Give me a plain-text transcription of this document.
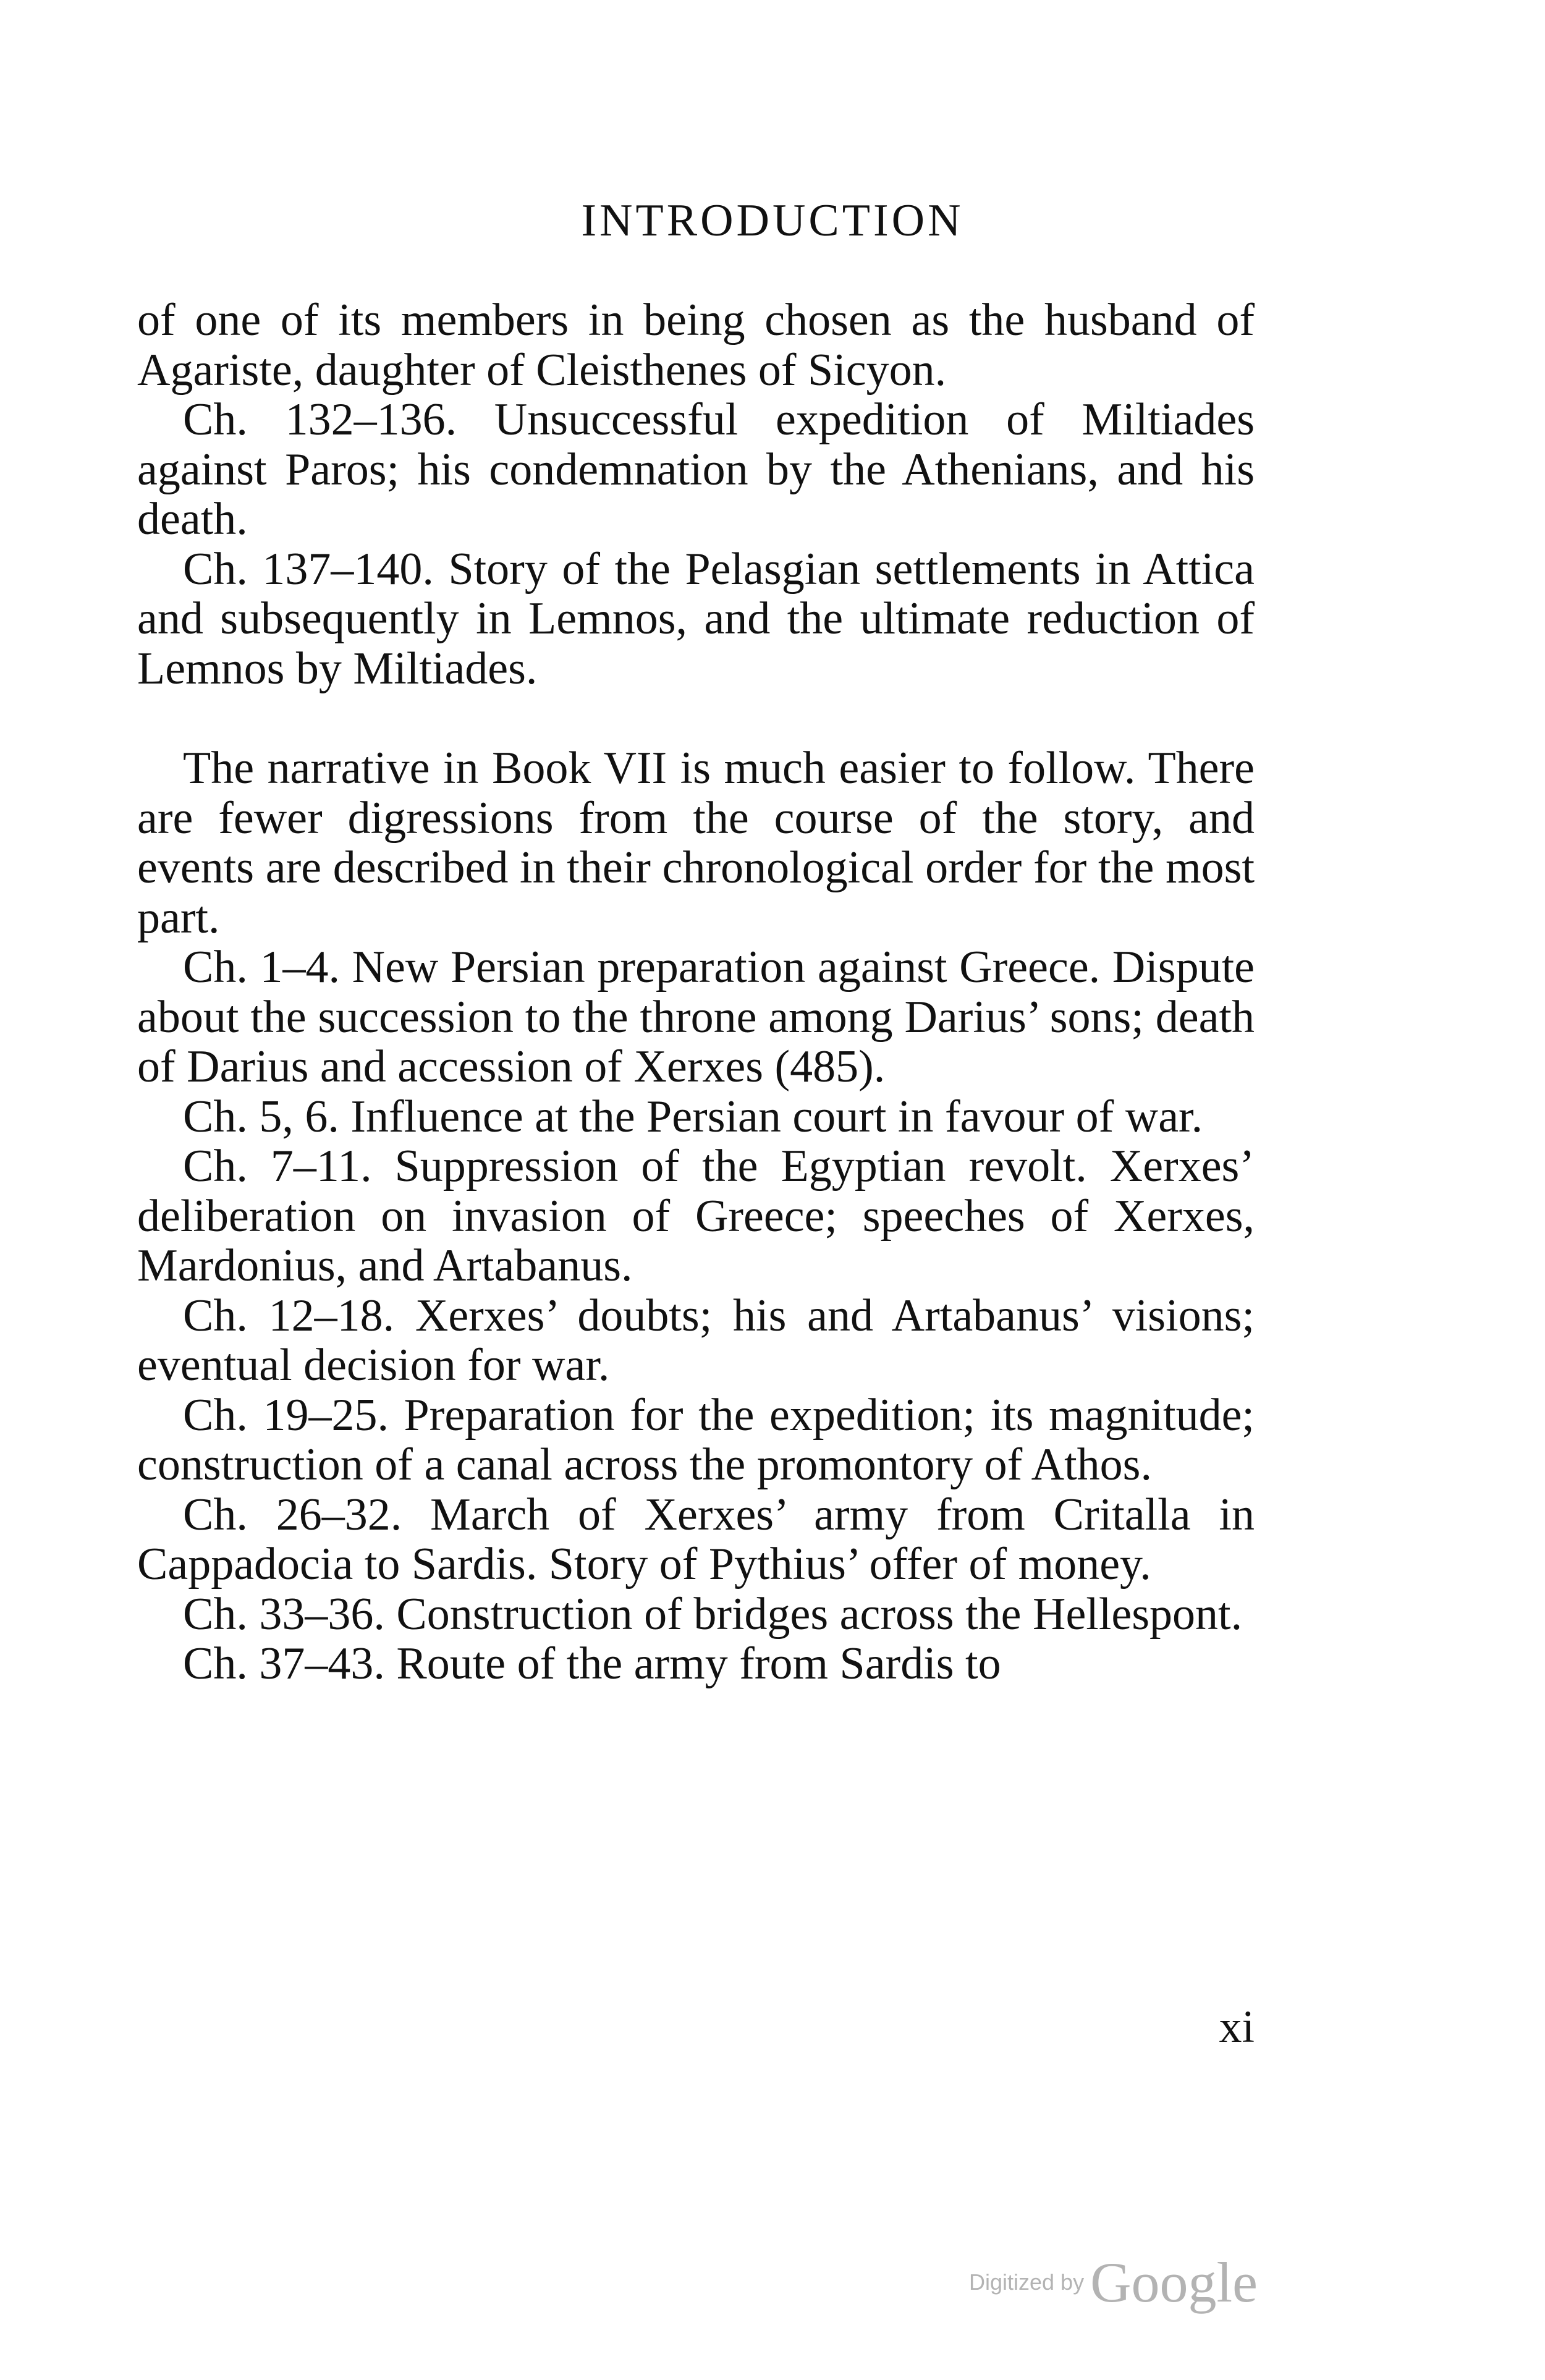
INTRODUCTION

of one of its members in being chosen as the husband of Agariste, daughter of Cleisthenes of Sicyon.

Ch. 132–136. Unsuccessful expedition of Miltiades against Paros; his condemnation by the Athenians, and his death.

Ch. 137–140. Story of the Pelasgian settlements in Attica and subsequently in Lemnos, and the ultimate reduction of Lemnos by Miltiades.

The narrative in Book VII is much easier to follow. There are fewer digressions from the course of the story, and events are described in their chronological order for the most part.

Ch. 1–4. New Persian preparation against Greece. Dispute about the succession to the throne among Darius’ sons; death of Darius and accession of Xerxes (485).

Ch. 5, 6. Influence at the Persian court in favour of war.

Ch. 7–11. Suppression of the Egyptian revolt. Xerxes’ deliberation on invasion of Greece; speeches of Xerxes, Mardonius, and Artabanus.

Ch. 12–18. Xerxes’ doubts; his and Artabanus’ visions; eventual decision for war.

Ch. 19–25. Preparation for the expedition; its magnitude; construction of a canal across the promontory of Athos.

Ch. 26–32. March of Xerxes’ army from Critalla in Cappadocia to Sardis. Story of Pythius’ offer of money.

Ch. 33–36. Construction of bridges across the Hellespont.

Ch. 37–43. Route of the army from Sardis to

xi
Digitized by Google
